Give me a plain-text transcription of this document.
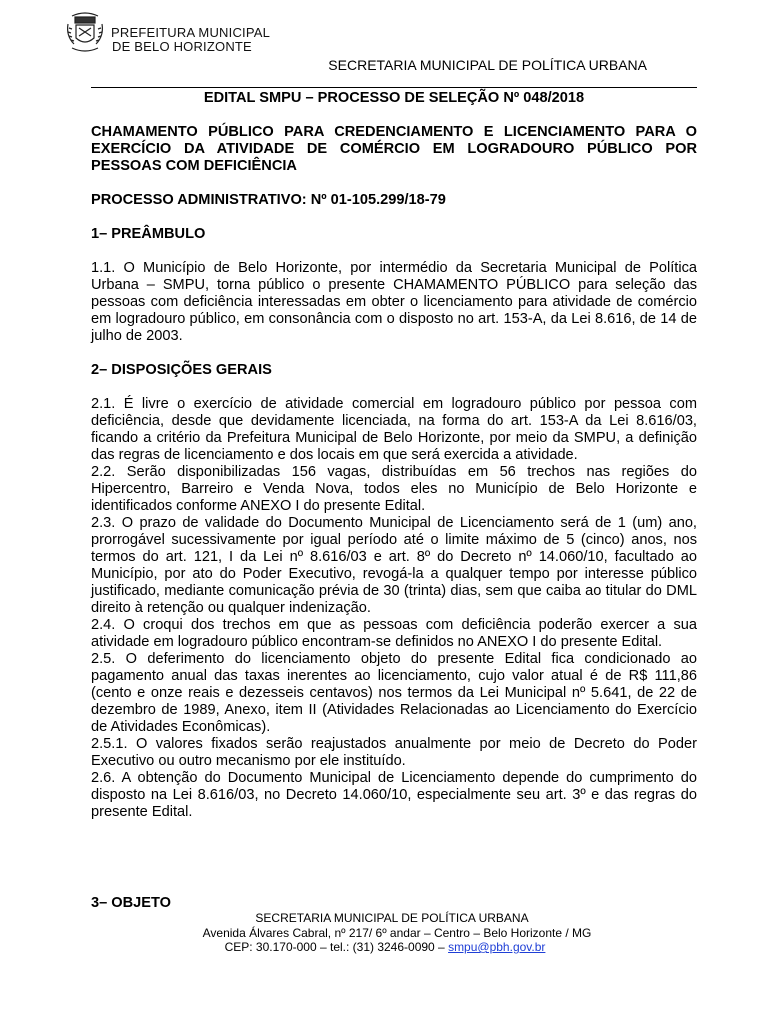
PREFEITURA MUNICIPAL
DE BELO HORIZONTE
SECRETARIA MUNICIPAL DE POLÍTICA URBANA

EDITAL SMPU – PROCESSO DE SELEÇÃO Nº 048/2018

CHAMAMENTO PÚBLICO PARA CREDENCIAMENTO E LICENCIAMENTO PARA O EXERCÍCIO DA ATIVIDADE DE COMÉRCIO EM LOGRADOURO PÚBLICO POR PESSOAS COM DEFICIÊNCIA

PROCESSO ADMINISTRATIVO: Nº 01-105.299/18-79

1– PREÂMBULO

1.1. O Município de Belo Horizonte, por intermédio da Secretaria Municipal de Política Urbana – SMPU, torna público o presente CHAMAMENTO PÚBLICO para seleção das pessoas com deficiência interessadas em obter o licenciamento para atividade de comércio em logradouro público, em consonância com o disposto no art. 153-A, da Lei 8.616, de 14 de julho de 2003.

2– DISPOSIÇÕES GERAIS

2.1. É livre o exercício de atividade comercial em logradouro público por pessoa com deficiência, desde que devidamente licenciada, na forma do art. 153-A da Lei 8.616/03, ficando a critério da Prefeitura Municipal de Belo Horizonte, por meio da SMPU, a definição das regras de licenciamento e dos locais em que será exercida a atividade.

2.2. Serão disponibilizadas 156 vagas, distribuídas em 56 trechos nas regiões do Hipercentro, Barreiro e Venda Nova, todos eles no Município de Belo Horizonte e identificados conforme ANEXO I do presente Edital.

2.3. O prazo de validade do Documento Municipal de Licenciamento será de 1 (um) ano, prorrogável sucessivamente por igual período até o limite máximo de 5 (cinco) anos, nos termos do art. 121, I da Lei nº 8.616/03 e art. 8º do Decreto nº 14.060/10, facultado ao Município, por ato do Poder Executivo, revogá-la a qualquer tempo por interesse público justificado, mediante comunicação prévia de 30 (trinta) dias, sem que caiba ao titular do DML direito à retenção ou qualquer indenização.

2.4. O croqui dos trechos em que as pessoas com deficiência poderão exercer a sua atividade em logradouro público encontram-se definidos no ANEXO I do presente Edital.

2.5. O deferimento do licenciamento objeto do presente Edital fica condicionado ao pagamento anual das taxas inerentes ao licenciamento, cujo valor atual é de R$ 111,86 (cento e onze reais e dezesseis centavos) nos termos da Lei Municipal nº 5.641, de 22 de dezembro de 1989, Anexo, item II (Atividades Relacionadas ao Licenciamento do Exercício de Atividades Econômicas).

2.5.1. O valores fixados serão reajustados anualmente por meio de Decreto do Poder Executivo ou outro mecanismo por ele instituído.

2.6. A obtenção do Documento Municipal de Licenciamento depende do cumprimento do disposto na Lei 8.616/03, no Decreto 14.060/10, especialmente seu art. 3º e das regras do presente Edital.

3– OBJETO
SECRETARIA MUNICIPAL DE POLÍTICA URBANA
Avenida Álvares Cabral, nº 217/ 6º andar – Centro – Belo Horizonte / MG
CEP: 30.170-000 – tel.: (31) 3246-0090 – smpu@pbh.gov.br
